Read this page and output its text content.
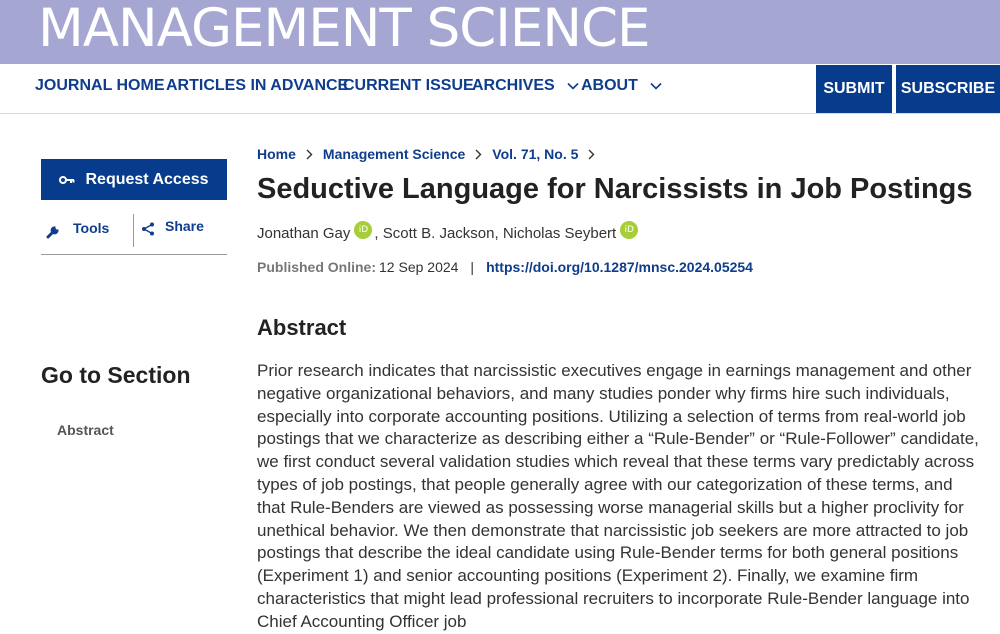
MANAGEMENT SCIENCE
JOURNAL HOME ARTICLES IN ADVANCE
CURRENT ISSUE
ARCHIVES	ABOUT	SUBMIT	SUBSCRIBE
Request Access
Tools	Share
Go to Section
Abstract
Home Management Science Vol. 71, No. 5
Seductive Language for Narcissists in Job Postings
Jonathan Gay iD , Scott B. Jackson , Nicholas Seybert iD
Published Online: 12 Sep 2024 | https://doi.org/10.1287/mnsc.2024.05254
Abstract
Prior research indicates that narcissistic executives engage in earnings management and other negative organizational behaviors, and many studies ponder why firms hire such individuals, especially into corporate accounting positions. Utilizing a selection of terms from real-world job postings that we characterize as describing either a “Rule-Bender” or “Rule-Follower” candidate, we first conduct several validation studies which reveal that these terms vary predictably across types of job postings, that people generally agree with our categorization of these terms, and that Rule-Benders are viewed as possessing worse managerial skills but a higher proclivity for unethical behavior. We then demonstrate that narcissistic job seekers are more attracted to job postings that describe the ideal candidate using Rule-Bender terms for both general positions (Experiment 1) and senior accounting positions (Experiment 2). Finally, we examine firm characteristics that might lead professional recruiters to incorporate Rule-Bender language into Chief Accounting Officer job
